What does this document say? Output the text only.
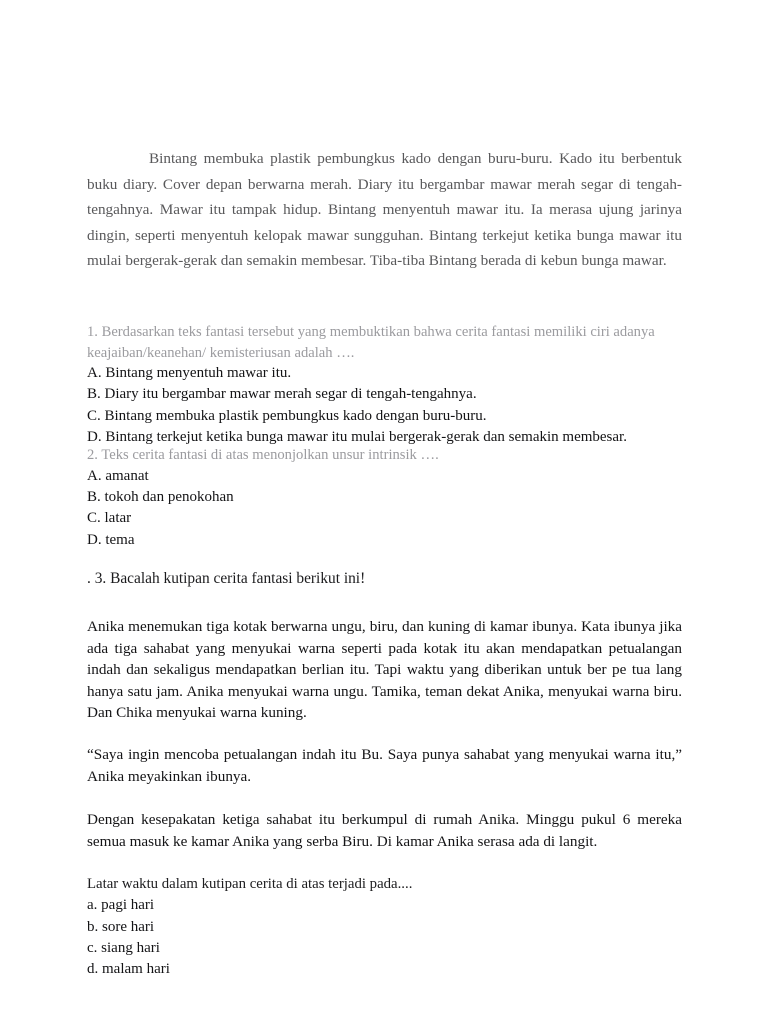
Bintang membuka plastik pembungkus kado dengan buru-buru. Kado itu berbentuk buku diary. Cover depan berwarna merah. Diary itu bergambar mawar merah segar di tengah-tengahnya. Mawar itu tampak hidup. Bintang menyentuh mawar itu. Ia merasa ujung jarinya dingin, seperti menyentuh kelopak mawar sungguhan. Bintang terkejut ketika bunga mawar itu mulai bergerak-gerak dan semakin membesar. Tiba-tiba Bintang berada di kebun bunga mawar.

1. Berdasarkan teks fantasi tersebut yang membuktikan bahwa cerita fantasi memiliki ciri adanya keajaiban/keanehan/ kemisteriusan adalah ….

A. Bintang menyentuh mawar itu.
B. Diary itu bergambar mawar merah segar di tengah-tengahnya.
C. Bintang membuka plastik pembungkus kado dengan buru-buru.
D. Bintang terkejut ketika bunga mawar itu mulai bergerak-gerak dan semakin membesar.

2. Teks cerita fantasi di atas menonjolkan unsur intrinsik ….

A. amanat
B. tokoh dan penokohan
C. latar
D. tema

. 3. Bacalah kutipan cerita fantasi berikut ini!

Anika menemukan tiga kotak berwarna ungu, biru, dan kuning di kamar ibunya. Kata ibunya jika ada tiga sahabat yang menyukai warna seperti pada kotak itu akan mendapatkan petualangan indah dan sekaligus mendapatkan berlian itu. Tapi waktu yang diberikan untuk ber pe tua lang hanya satu jam. Anika menyukai warna ungu. Tamika, teman dekat Anika, menyukai warna biru. Dan Chika menyukai warna kuning.

“Saya ingin mencoba petualangan indah itu Bu. Saya punya sahabat yang menyukai warna itu,” Anika meyakinkan ibunya.

Dengan kesepakatan ketiga sahabat itu berkumpul di rumah Anika. Minggu pukul 6 mereka semua masuk ke kamar Anika yang serba Biru. Di kamar Anika serasa ada di langit.

Latar waktu dalam kutipan cerita di atas terjadi pada....

a. pagi hari
b. sore hari
c. siang hari
d. malam hari
